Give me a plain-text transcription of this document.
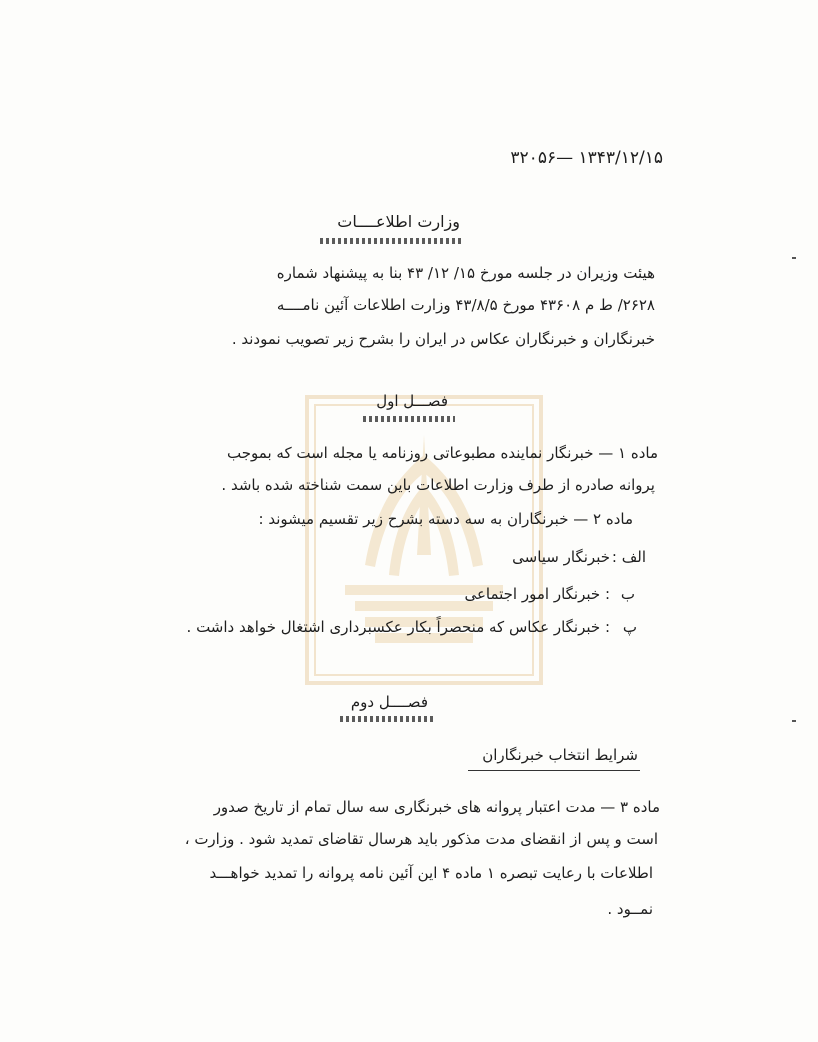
۱۳۴۳/۱۲/۱۵ —۳۲۰۵۶
وزارت اطلاعــــات
هیئت وزیران در جلسه مورخ ۱۵/ ۱۲/ ۴۳ بنا به پیشنهاد شماره
۲۶۲۸/ ط م ۴۳۶۰۸ مورخ ۴۳/۸/۵ وزارت اطلاعات آئین نامــــه
خبرنگاران و خبرنگاران عکاس در ایران را بشرح زیر تصویب نمودند .
فصـــل اول
ماده ۱ — خبرنگار نماینده مطبوعاتی روزنامه یا مجله است که بموجب
پروانه صادره از طرف وزارت اطلاعات باین سمت شناخته شده باشد .
ماده ۲ — خبرنگاران به سه دسته بشرح زیر تقسیم میشوند :
الف :
خبرنگار سیاسی
ب
: خبرنگار امور اجتماعی
پ
: خبرنگار عکاس که منحصراً بکار عکسبرداری اشتغال خواهد داشت .
فصــــل دوم
شرایط انتخاب خبرنگاران
ماده ۳ — مدت اعتبار پروانه های خبرنگاری سه سال تمام از تاریخ صدور
است و پس از انقضای مدت مذکور باید هرسال تقاضای تمدید شود . وزارت ،
اطلاعات با رعایت تبصره ۱ ماده ۴ این آئین نامه پروانه را تمدید خواهـــد
نمــود .
